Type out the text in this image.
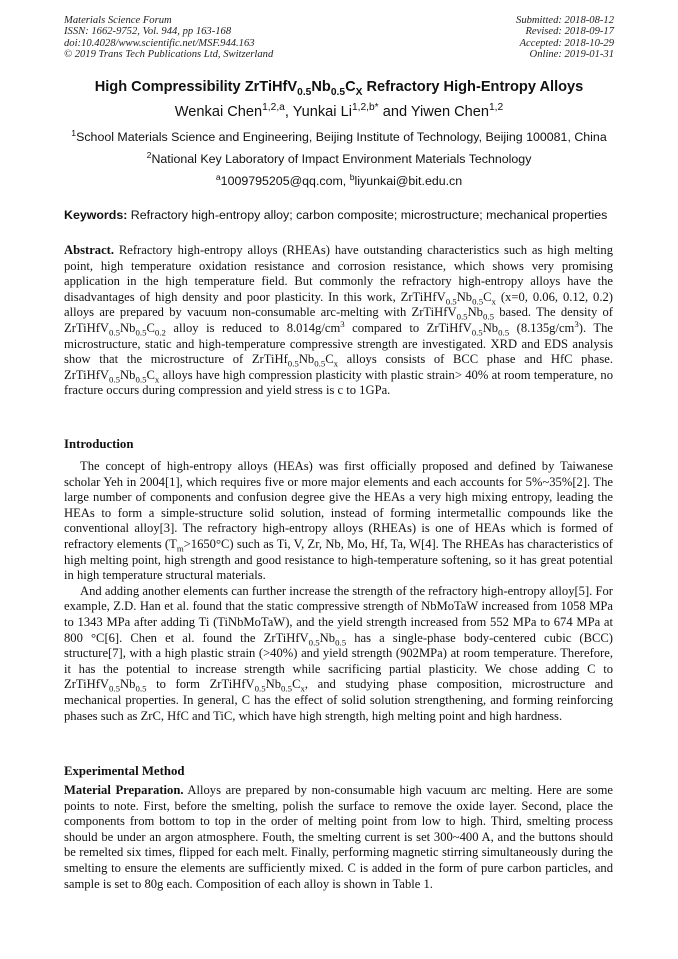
Materials Science Forum
ISSN: 1662-9752, Vol. 944, pp 163-168
doi:10.4028/www.scientific.net/MSF.944.163
© 2019 Trans Tech Publications Ltd, Switzerland
Submitted: 2018-08-12
Revised: 2018-09-17
Accepted: 2018-10-29
Online: 2019-01-31
High Compressibility $ZrTiHfV_{0.5}Nb_{0.5}C_X$ Refractory High-Entropy Alloys
Wenkai Chen$^{1,2,a}$, Yunkai $Li^{1,2,b*}$ and Yiwen Chen$^{1,2}$
$^1$School Materials Science and Engineering, Beijing Institute of Technology, Beijing 100081, China
$^2$National Key Laboratory of Impact Environment Materials Technology
$^a$1009795205@qq.com, $^b$liyunkai@bit.edu.cn
Keywords: Refractory high-entropy alloy; carbon composite; microstructure; mechanical properties

Abstract. Refractory high-entropy alloys (RHEAs) have outstanding characteristics such as high melting point, high temperature oxidation resistance and corrosion resistance, which shows very promising application in the high temperature field. But commonly the refractory high-entropy alloys have the disadvantages of high density and poor plasticity. In this work, $ZrTiHfV_{0.5}Nb_{0.5}C_x$ (x=0, 0.06, 0.12, 0.2) alloys are prepared by vacuum non-consumable arc-melting with $ZrTiHfV_{0.5}Nb_{0.5}$ based. The density of $ZrTiHfV_{0.5}Nb_{0.5}C_{0.2}$ alloy is reduced to $8.014g/cm^3$ compared to $ZrTiHfV_{0.5}Nb_{0.5}$ $(8.135g/cm^3)$. The microstructure, static and high-temperature compressive strength are investigated. XRD and EDS analysis show that the microstructure of $ZrTiHf_{0.5}Nb_{0.5}C_x$ alloys consists of BCC phase and HfC phase. $ZrTiHfV_{0.5}Nb_{0.5}C_x$ alloys have high compression plasticity with plastic strain> 40% at room temperature, no fracture occurs during compression and yield stress is c to 1GPa.

Introduction

The concept of high-entropy alloys (HEAs) was first officially proposed and defined by Taiwanese scholar Yeh in 2004[1], which requires five or more major elements and each accounts for 5%~35%[2]. The large number of components and confusion degree give the HEAs a very high mixing entropy, leading the HEAs to form a simple-structure solid solution, instead of forming intermetallic compounds like the conventional alloy[3]. The refractory high-entropy alloys (RHEAs) is one of HEAs which is formed of refractory elements $(T_m>1650^\circ C)$ such as Ti, V, Zr, Nb, Mo, Hf, Ta, W[4]. The RHEAs has characteristics of high melting point, high strength and good resistance to high-temperature softening, so it has great potential in high temperature structural materials.

And adding another elements can further increase the strength of the refractory high-entropy alloy[5]. For example, Z.D. Han et al. found that the static compressive strength of NbMoTaW increased from 1058 MPa to 1343 MPa after adding Ti (TiNbMoTaW), and the yield strength increased from 552 MPa to 674 MPa at 800 °C[6]. Chen et al. found the $ZrTiHfV_{0.5}Nb_{0.5}$ has a single-phase body-centered cubic (BCC) structure[7], with a high plastic strain (>40%) and yield strength (902MPa) at room temperature. Therefore, it has the potential to increase strength while sacrificing partial plasticity. We chose adding C to $ZrTiHfV_{0.5}Nb_{0.5}$ to form $ZrTiHfV_{0.5}Nb_{0.5}C_x$, and studying phase composition, microstructure and mechanical properties. In general, C has the effect of solid solution strengthening, and forming reinforcing phases such as ZrC, HfC and TiC, which have high strength, high melting point and high hardness.

Experimental Method

Material Preparation. Alloys are prepared by non-consumable high vacuum arc melting. Here are some points to note. First, before the smelting, polish the surface to remove the oxide layer. Second, place the components from bottom to top in the order of melting point from low to high. Third, smelting process should be under an argon atmosphere. Fouth, the smelting current is set 300~400 A, and the buttons should be remelted six times, flipped for each melt. Finally, performing magnetic stirring simultaneously during the smelting to ensure the elements are sufficiently mixed. C is added in the form of pure carbon particles, and sample is set to 80g each. Composition of each alloy is shown in Table 1.
